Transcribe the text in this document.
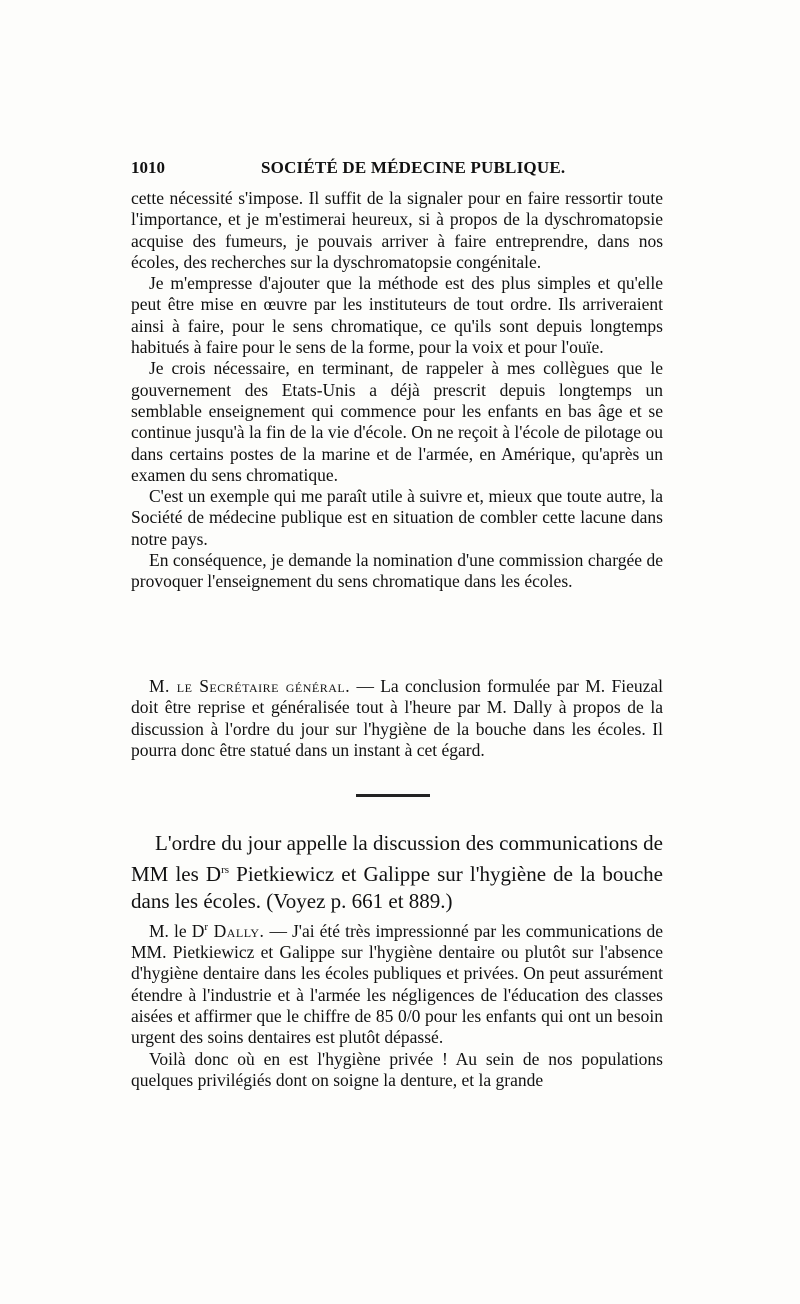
1010	SOCIÉTÉ DE MÉDECINE PUBLIQUE.

cette nécessité s'impose. Il suffit de la signaler pour en faire ressortir toute l'importance, et je m'estimerai heureux, si à propos de la dyschromatopsie acquise des fumeurs, je pouvais arriver à faire entreprendre, dans nos écoles, des recherches sur la dyschromatopsie congénitale.

Je m'empresse d'ajouter que la méthode est des plus simples et qu'elle peut être mise en œuvre par les instituteurs de tout ordre. Ils arriveraient ainsi à faire, pour le sens chromatique, ce qu'ils sont depuis longtemps habitués à faire pour le sens de la forme, pour la voix et pour l'ouïe.

Je crois nécessaire, en terminant, de rappeler à mes collègues que le gouvernement des Etats-Unis a déjà prescrit depuis longtemps un semblable enseignement qui commence pour les enfants en bas âge et se continue jusqu'à la fin de la vie d'école. On ne reçoit à l'école de pilotage ou dans certains postes de la marine et de l'armée, en Amérique, qu'après un examen du sens chromatique.

C'est un exemple qui me paraît utile à suivre et, mieux que toute autre, la Société de médecine publique est en situation de combler cette lacune dans notre pays.

En conséquence, je demande la nomination d'une commission chargée de provoquer l'enseignement du sens chromatique dans les écoles.

M. le Secrétaire général. — La conclusion formulée par M. Fieuzal doit être reprise et généralisée tout à l'heure par M. Dally à propos de la discussion à l'ordre du jour sur l'hygiène de la bouche dans les écoles. Il pourra donc être statué dans un instant à cet égard.

L'ordre du jour appelle la discussion des communications de MM les $D^{rs}$ Pietkiewicz et Galippe sur l'hygiène de la bouche dans les écoles. (Voyez p. 661 et 889.)

M. le $D^r$ Dally. — J'ai été très impressionné par les communications de MM. Pietkiewicz et Galippe sur l'hygiène dentaire ou plutôt sur l'absence d'hygiène dentaire dans les écoles publiques et privées. On peut assurément étendre à l'industrie et à l'armée les négligences de l'éducation des classes aisées et affirmer que le chiffre de 85 0/0 pour les enfants qui ont un besoin urgent des soins dentaires est plutôt dépassé.

Voilà donc où en est l'hygiène privée ! Au sein de nos populations quelques privilégiés dont on soigne la denture, et la grande
